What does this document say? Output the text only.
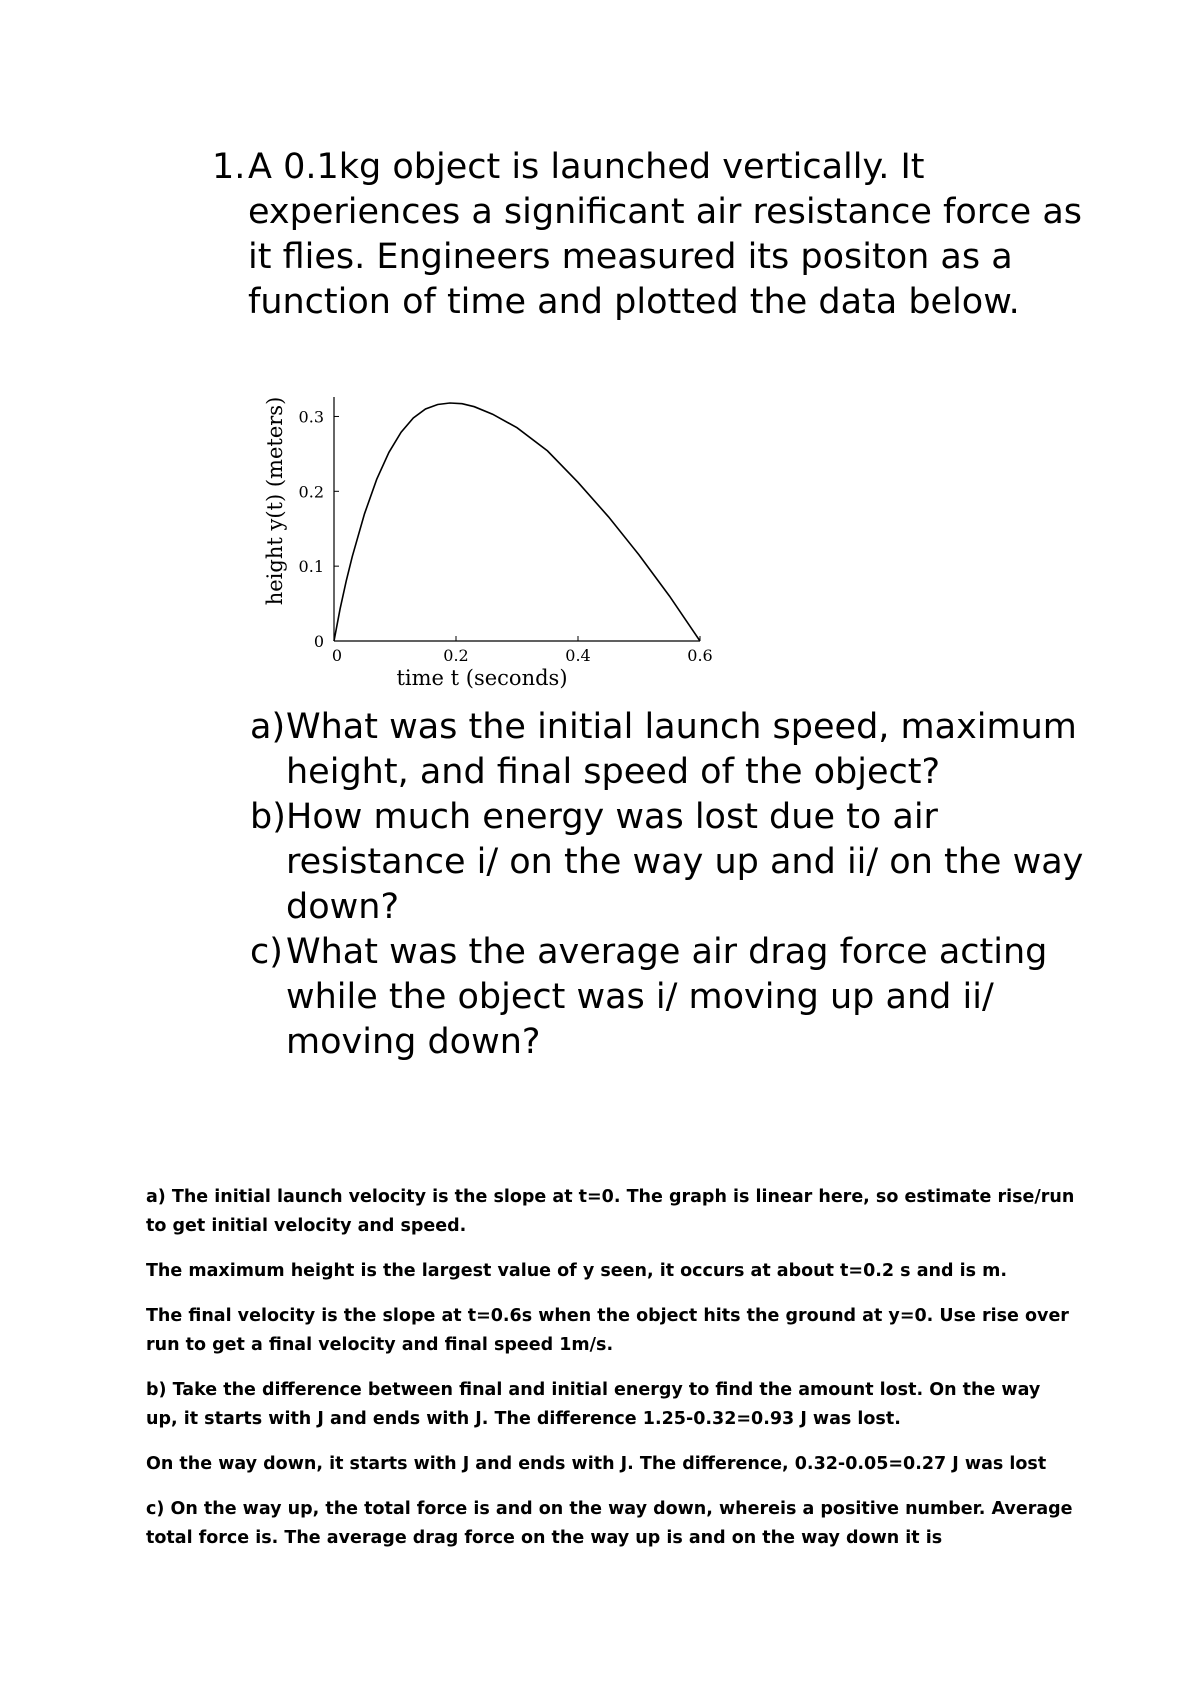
1. A 0.1kg object is launched vertically. It experiences a significant air resistance force as it flies. Engineers measured its positon as a function of time and plotted the data below.
0	0.2	0.4	0.6
0
0.1
0.2
0.3
time t (seconds)
height y(t) (meters)
a) What was the initial launch speed, maximum height, and final speed of the object?
b) How much energy was lost due to air resistance i/ on the way up and ii/ on the way down?
c) What was the average air drag force acting while the object was i/ moving up and ii/ moving down?

a) The initial launch velocity is the slope at t=0. The graph is linear here, so estimate rise/run to get initial velocity and speed.

The maximum height is the largest value of y seen, it occurs at about t=0.2 s and is m.

The final velocity is the slope at t=0.6s when the object hits the ground at y=0. Use rise over run to get a final velocity and final speed 1m/s.

b) Take the difference between final and initial energy to find the amount lost. On the way up, it starts with J and ends with J. The difference 1.25-0.32=0.93 J was lost.

On the way down, it starts with J and ends with J. The difference, 0.32-0.05=0.27 J was lost

c) On the way up, the total force is and on the way down, whereis a positive number. Average total force is. The average drag force on the way up is and on the way down it is
